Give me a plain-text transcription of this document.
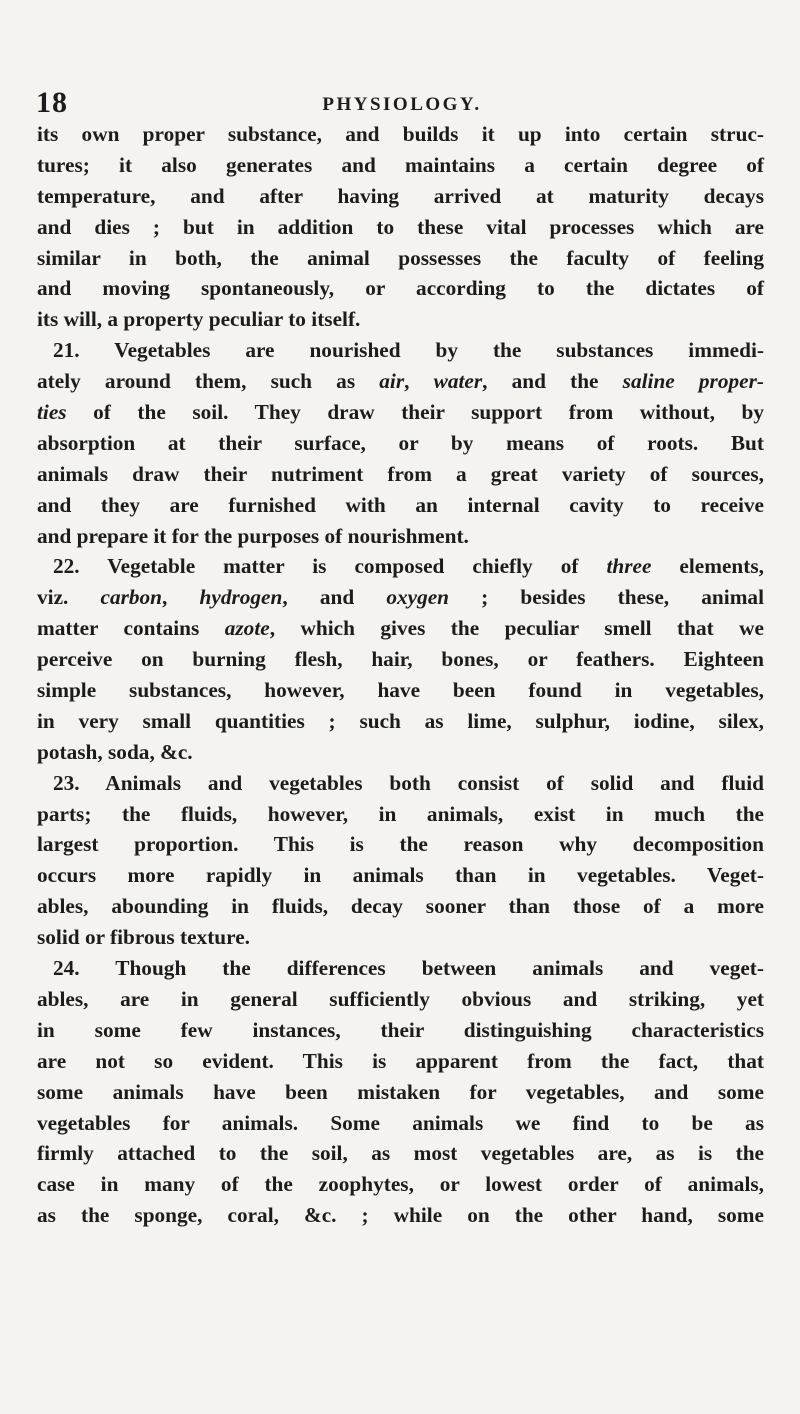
18	PHYSIOLOGY.
its own proper substance, and builds it up into certain struc-
tures; it also generates and maintains a certain degree of
temperature, and after having arrived at maturity decays
and dies ; but in addition to these vital processes which are
similar in both, the animal possesses the faculty of feeling
and moving spontaneously, or according to the dictates of
its will, a property peculiar to itself.
21. Vegetables are nourished by the substances immedi-
ately around them, such as air, water, and the saline proper-
ties of the soil. They draw their support from without, by
absorption at their surface, or by means of roots. But
animals draw their nutriment from a great variety of sources,
and they are furnished with an internal cavity to receive
and prepare it for the purposes of nourishment.
22. Vegetable matter is composed chiefly of three elements,
viz. carbon, hydrogen, and oxygen ; besides these, animal
matter contains azote, which gives the peculiar smell that we
perceive on burning flesh, hair, bones, or feathers. Eighteen
simple substances, however, have been found in vegetables,
in very small quantities ; such as lime, sulphur, iodine, silex,
potash, soda, &c.
23. Animals and vegetables both consist of solid and fluid
parts; the fluids, however, in animals, exist in much the
largest proportion. This is the reason why decomposition
occurs more rapidly in animals than in vegetables. Veget-
ables, abounding in fluids, decay sooner than those of a more
solid or fibrous texture.
24. Though the differences between animals and veget-
ables, are in general sufficiently obvious and striking, yet
in some few instances, their distinguishing characteristics
are not so evident. This is apparent from the fact, that
some animals have been mistaken for vegetables, and some
vegetables for animals. Some animals we find to be as
firmly attached to the soil, as most vegetables are, as is the
case in many of the zoophytes, or lowest order of animals,
as the sponge, coral, &c. ; while on the other hand, some
